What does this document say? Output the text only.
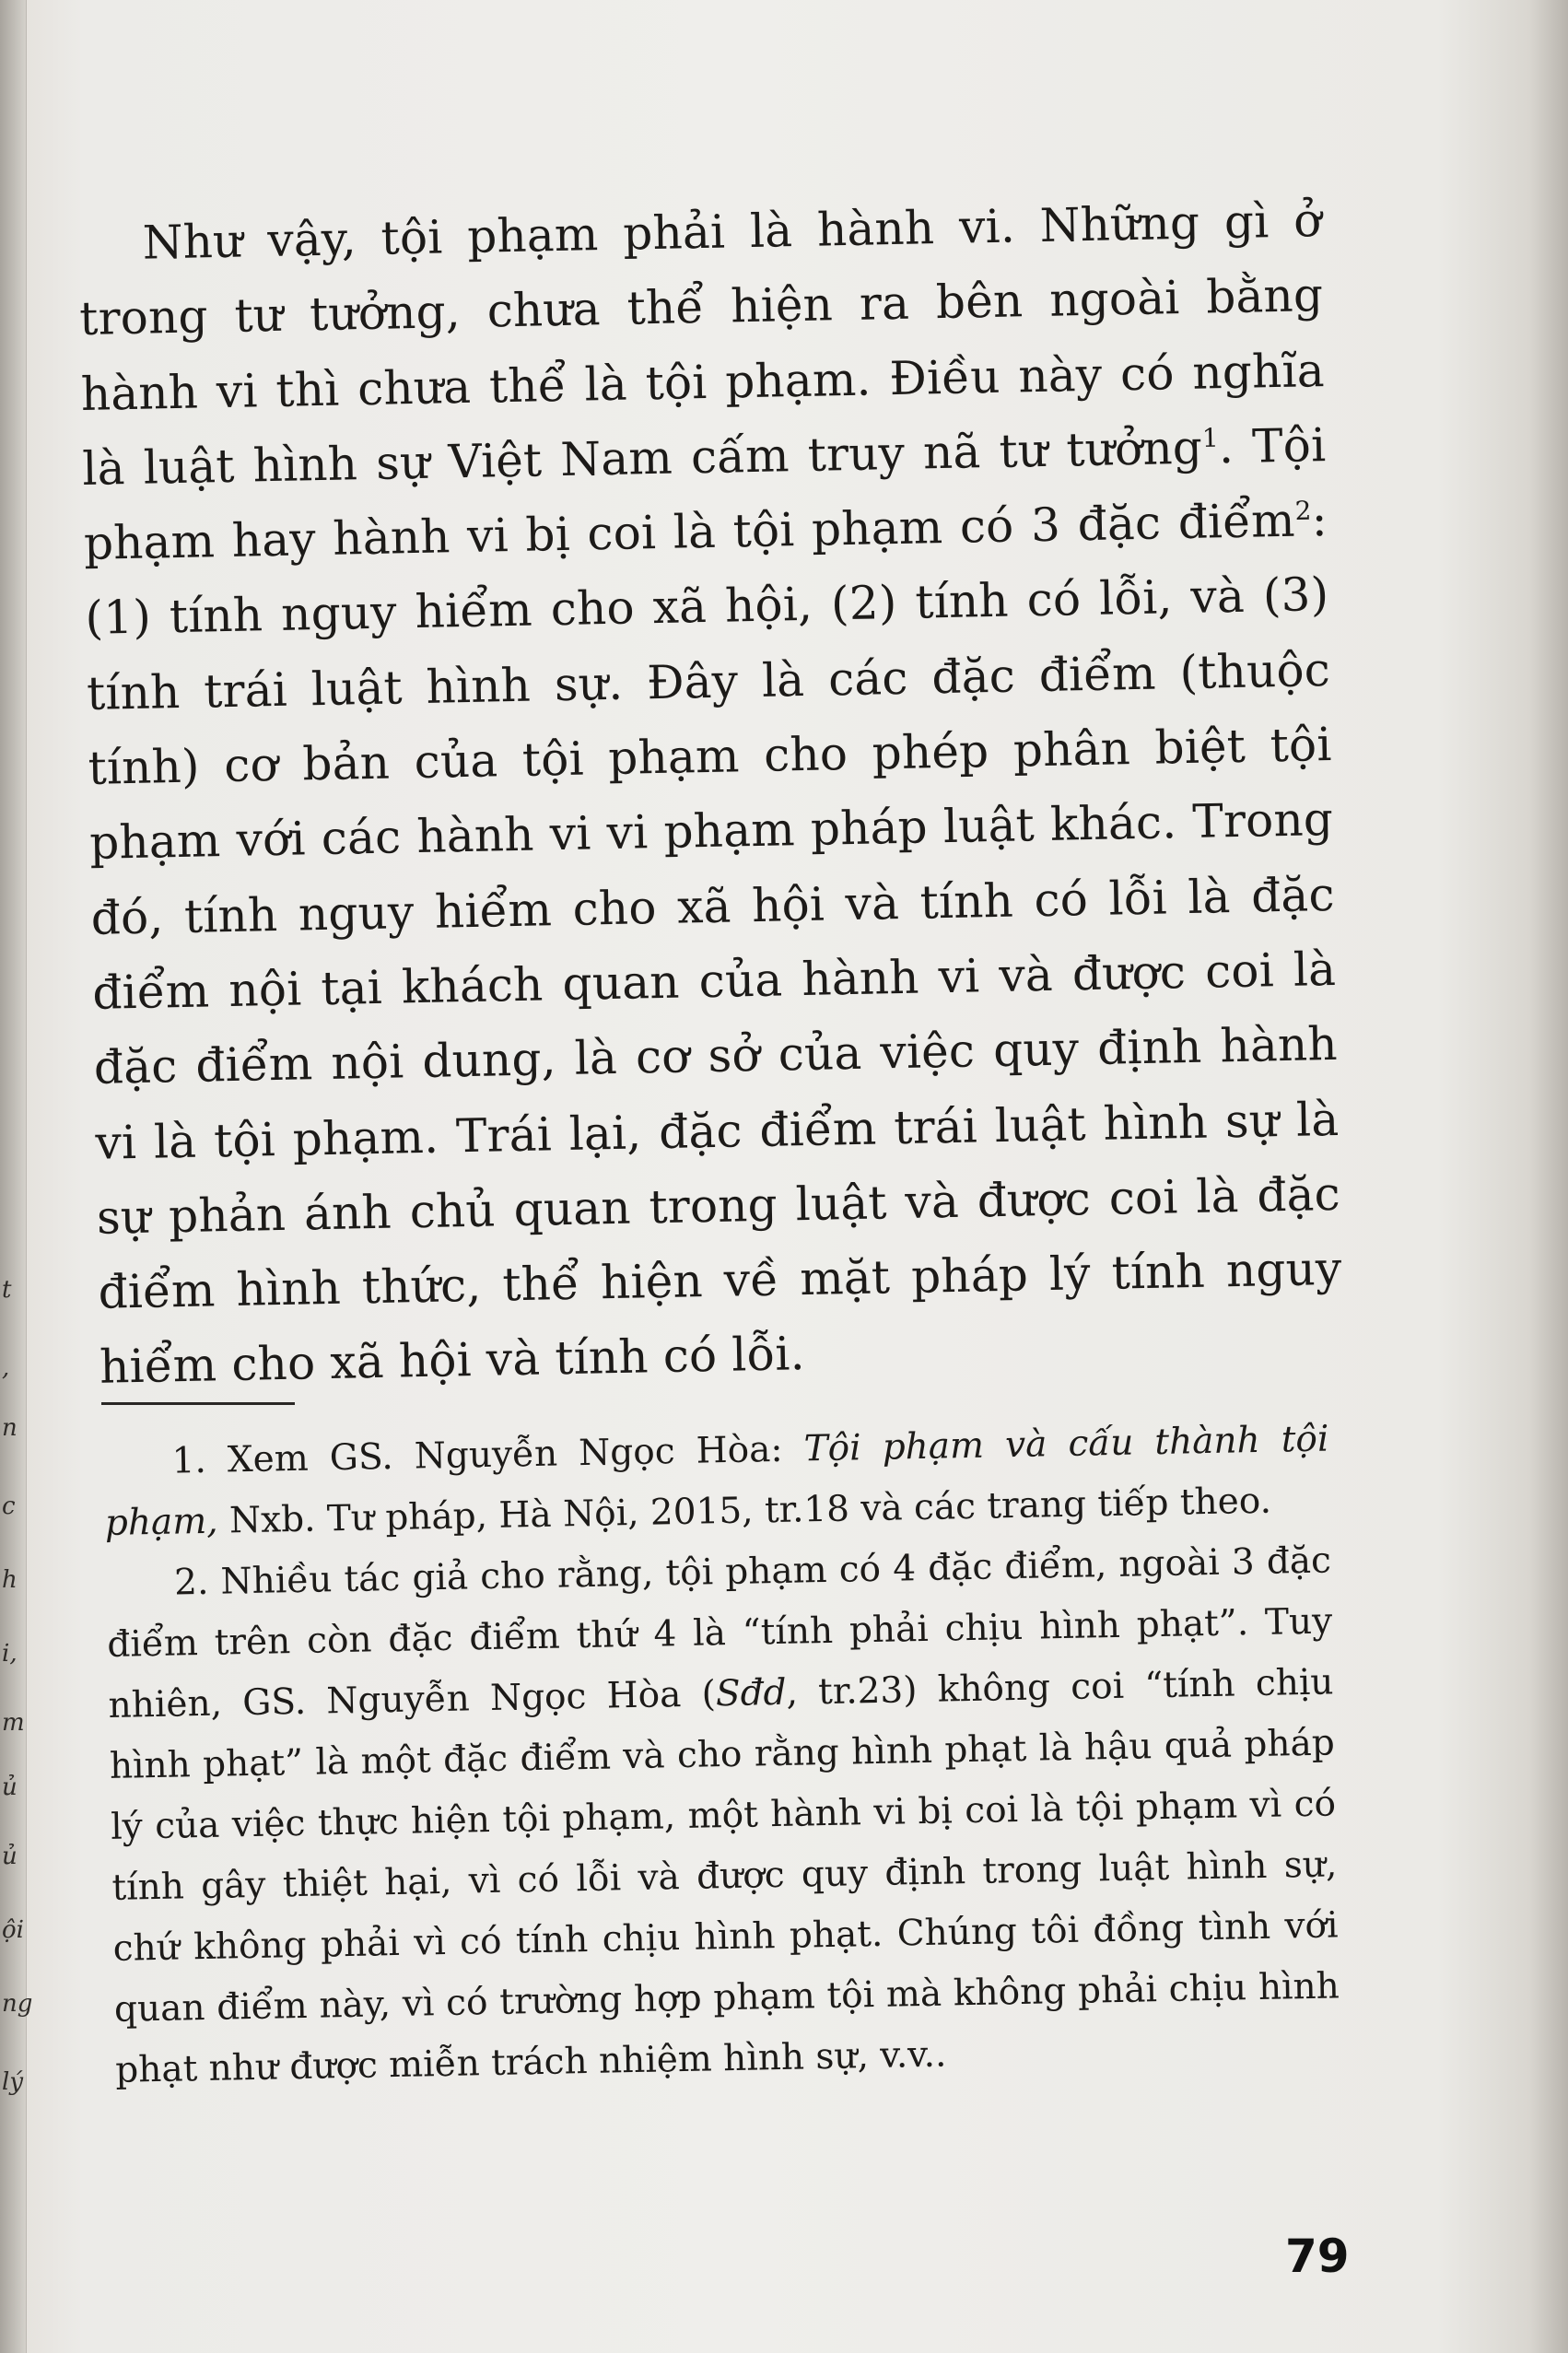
t
,
n
c
h
i,
m
ủ
ủ
ội
ng
lý

Như vậy, tội phạm phải là hành vi. Những gì ở trong tư tưởng, chưa thể hiện ra bên ngoài bằng hành vi thì chưa thể là tội phạm. Điều này có nghĩa là luật hình sự Việt Nam cấm truy nã tư tưởng$^1$. Tội phạm hay hành vi bị coi là tội phạm có 3 đặc điểm$^2$: (1) tính nguy hiểm cho xã hội, (2) tính có lỗi, và (3) tính trái luật hình sự. Đây là các đặc điểm (thuộc tính) cơ bản của tội phạm cho phép phân biệt tội phạm với các hành vi vi phạm pháp luật khác. Trong đó, tính nguy hiểm cho xã hội và tính có lỗi là đặc điểm nội tại khách quan của hành vi và được coi là đặc điểm nội dung, là cơ sở của việc quy định hành vi là tội phạm. Trái lại, đặc điểm trái luật hình sự là sự phản ánh chủ quan trong luật và được coi là đặc điểm hình thức, thể hiện về mặt pháp lý tính nguy hiểm cho xã hội và tính có lỗi.

1. Xem GS. Nguyễn Ngọc Hòa: Tội phạm và cấu thành tội phạm, Nxb. Tư pháp, Hà Nội, 2015, tr.18 và các trang tiếp theo.

2. Nhiều tác giả cho rằng, tội phạm có 4 đặc điểm, ngoài 3 đặc điểm trên còn đặc điểm thứ 4 là “tính phải chịu hình phạt”. Tuy nhiên, GS. Nguyễn Ngọc Hòa (Sđd, tr.23) không coi “tính chịu hình phạt” là một đặc điểm và cho rằng hình phạt là hậu quả pháp lý của việc thực hiện tội phạm, một hành vi bị coi là tội phạm vì có tính gây thiệt hại, vì có lỗi và được quy định trong luật hình sự, chứ không phải vì có tính chịu hình phạt. Chúng tôi đồng tình với quan điểm này, vì có trường hợp phạm tội mà không phải chịu hình phạt như được miễn trách nhiệm hình sự, v.v..

79
